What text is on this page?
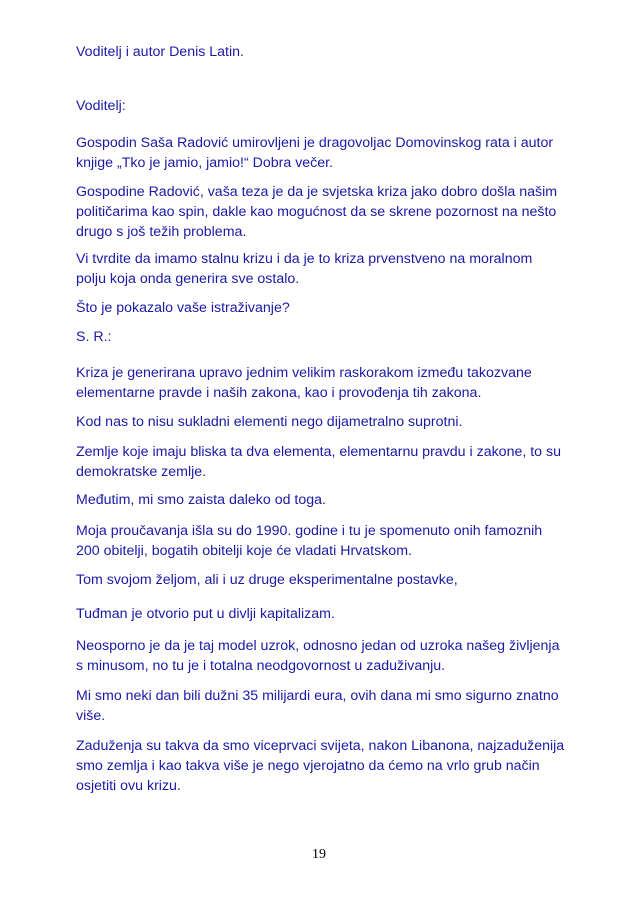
Voditelj i autor Denis Latin.

Voditelj:

Gospodin Saša Radović umirovljeni je dragovoljac Domovinskog rata i autor
knjige „Tko je jamio, jamio!“ Dobra večer.

Gospodine Radović, vaša teza je da je svjetska kriza jako dobro došla našim
političarima kao spin, dakle kao mogućnost da se skrene pozornost na nešto
drugo s još težih problema.

Vi tvrdite da imamo stalnu krizu i da je to kriza prvenstveno na moralnom
polju koja onda generira sve ostalo.

Što je pokazalo vaše istraživanje?

S. R.:

Kriza je generirana upravo jednim velikim raskorakom između takozvane
elementarne pravde i naših zakona, kao i provođenja tih zakona.

Kod nas to nisu sukladni elementi nego dijametralno suprotni.

Zemlje koje imaju bliska ta dva elementa, elementarnu pravdu i zakone, to su
demokratske zemlje.

Međutim, mi smo zaista daleko od toga.

Moja proučavanja išla su do 1990. godine i tu je spomenuto onih famoznih
200 obitelji, bogatih obitelji koje će vladati Hrvatskom.

Tom svojom željom, ali i uz druge eksperimentalne postavke,

Tuđman je otvorio put u divlji kapitalizam.

Neosporno je da je taj model uzrok, odnosno jedan od uzroka našeg življenja
s minusom, no tu je i totalna neodgovornost u zaduživanju.

Mi smo neki dan bili dužni 35 milijardi eura, ovih dana mi smo sigurno znatno
više.

Zaduženja su takva da smo viceprvaci svijeta, nakon Libanona, najzaduženija
smo zemlja i kao takva više je nego vjerojatno da ćemo na vrlo grub način
osjetiti ovu krizu.

19
